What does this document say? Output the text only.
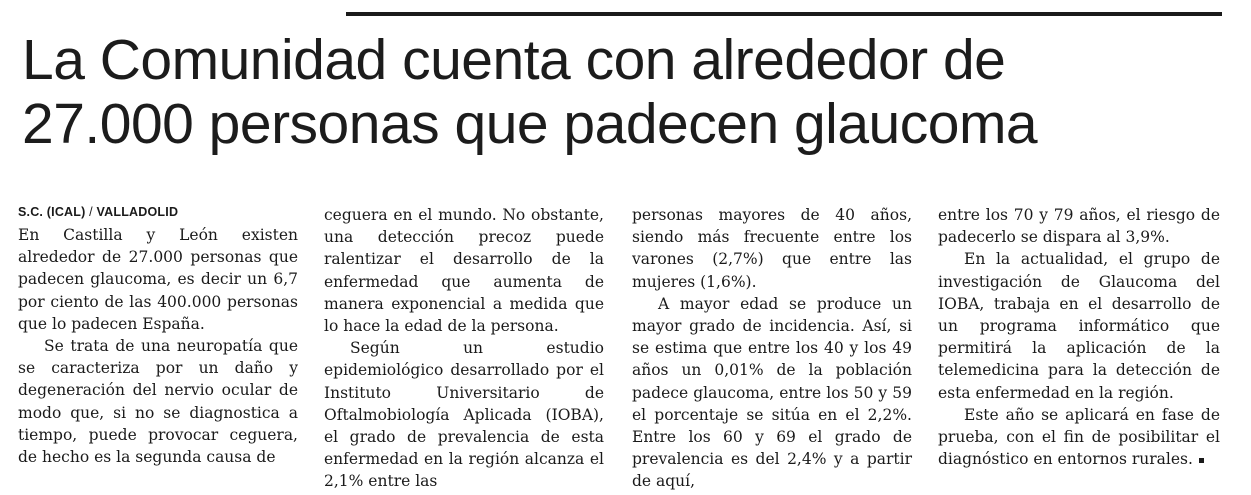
La Comunidad cuenta con alrededor de
27.000 personas que padecen glaucoma
S.C. (ICAL) / VALLADOLID

En Castilla y León existen alrededor de 27.000 personas que padecen glaucoma, es decir un 6,7 por ciento de las 400.000 personas que lo padecen España.

Se trata de una neuropatía que se caracteriza por un daño y degeneración del nervio ocular de modo que, si no se diagnostica a tiempo, puede provocar ceguera, de hecho es la segunda causa de

ceguera en el mundo. No obstante, una detección precoz puede ralentizar el desarrollo de la enfermedad que aumenta de manera exponencial a medida que lo hace la edad de la persona.

Según un estudio epidemiológico desarrollado por el Instituto Universitario de Oftalmobiología Aplicada (IOBA), el grado de prevalencia de esta enfermedad en la región alcanza el 2,1% entre las

personas mayores de 40 años, siendo más frecuente entre los varones (2,7%) que entre las mujeres (1,6%).

A mayor edad se produce un mayor grado de incidencia. Así, si se estima que entre los 40 y los 49 años un 0,01% de la población padece glaucoma, entre los 50 y 59 el porcentaje se sitúa en el 2,2%. Entre los 60 y 69 el grado de prevalencia es del 2,4% y a partir de aquí,

entre los 70 y 79 años, el riesgo de padecerlo se dispara al 3,9%.

En la actualidad, el grupo de investigación de Glaucoma del IOBA, trabaja en el desarrollo de un programa informático que permitirá la aplicación de la telemedicina para la detección de esta enfermedad en la región.

Este año se aplicará en fase de prueba, con el fin de posibilitar el diagnóstico en entornos rurales.
